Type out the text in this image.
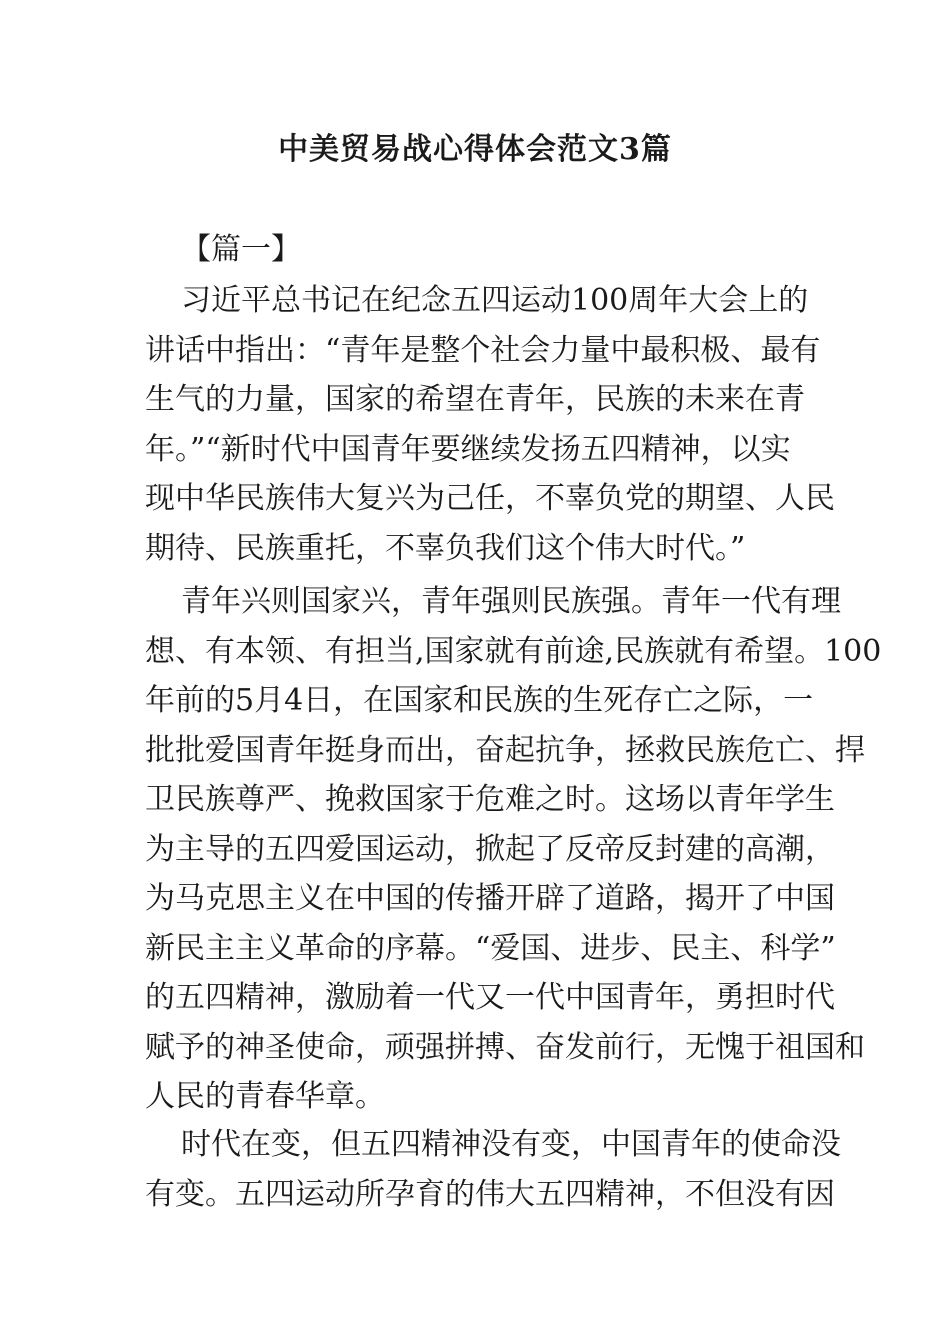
中美贸易战心得体会范文3篇

【篇一】

习近平总书记在纪念五四运动100周年大会上的
讲话中指出：“青年是整个社会力量中最积极、最有
生气的力量，国家的希望在青年，民族的未来在青
年。”“新时代中国青年要继续发扬五四精神，以实
现中华民族伟大复兴为己任，不辜负党的期望、人民
期待、民族重托，不辜负我们这个伟大时代。”

青年兴则国家兴，青年强则民族强。青年一代有理
想、有本领、有担当,国家就有前途,民族就有希望。100
年前的5月4日，在国家和民族的生死存亡之际，一
批批爱国青年挺身而出，奋起抗争，拯救民族危亡、捍
卫民族尊严、挽救国家于危难之时。这场以青年学生
为主导的五四爱国运动，掀起了反帝反封建的高潮，
为马克思主义在中国的传播开辟了道路，揭开了中国
新民主主义革命的序幕。“爱国、进步、民主、科学”
的五四精神，激励着一代又一代中国青年，勇担时代
赋予的神圣使命，顽强拼搏、奋发前行，无愧于祖国和
人民的青春华章。

时代在变，但五四精神没有变，中国青年的使命没
有变。五四运动所孕育的伟大五四精神，不但没有因
